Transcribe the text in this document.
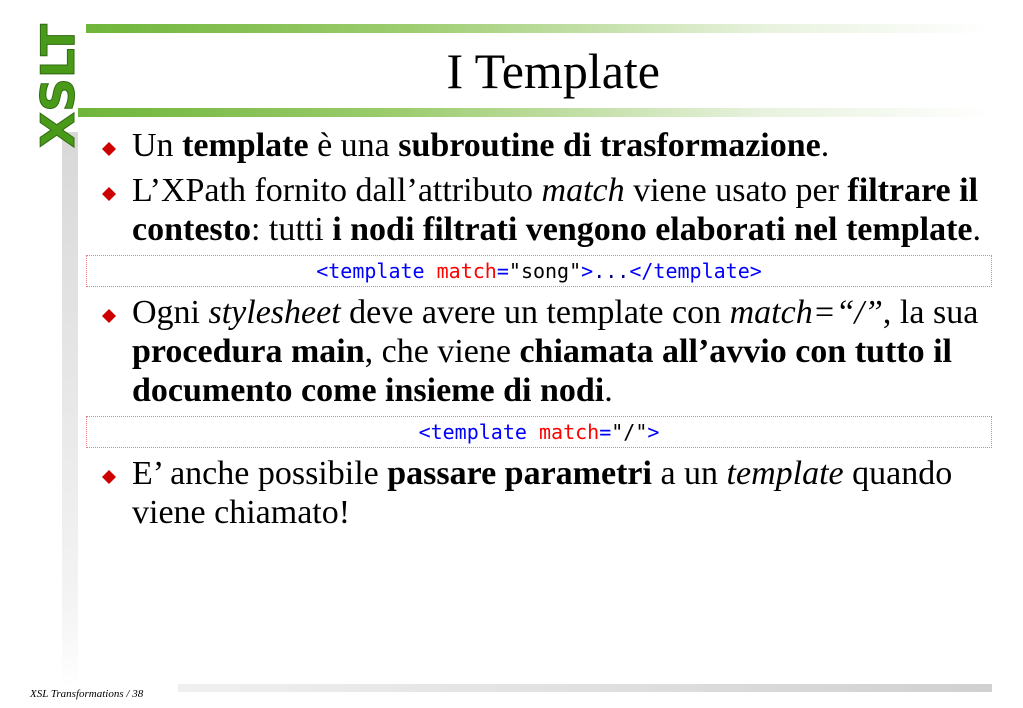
XSLT	I Template

Un template è una subroutine di trasformazione.

L’XPath fornito dall’attributo match viene usato per filtrare il contesto: tutti i nodi filtrati vengono elaborati nel template.

<template match="song">...</template>

Ogni stylesheet deve avere un template con match=“/”, la sua procedura main, che viene chiamata all’avvio con tutto il documento come insieme di nodi.

<template match="/">

E’ anche possibile passare parametri a un template quando viene chiamato!

XSL Transformations / 38
